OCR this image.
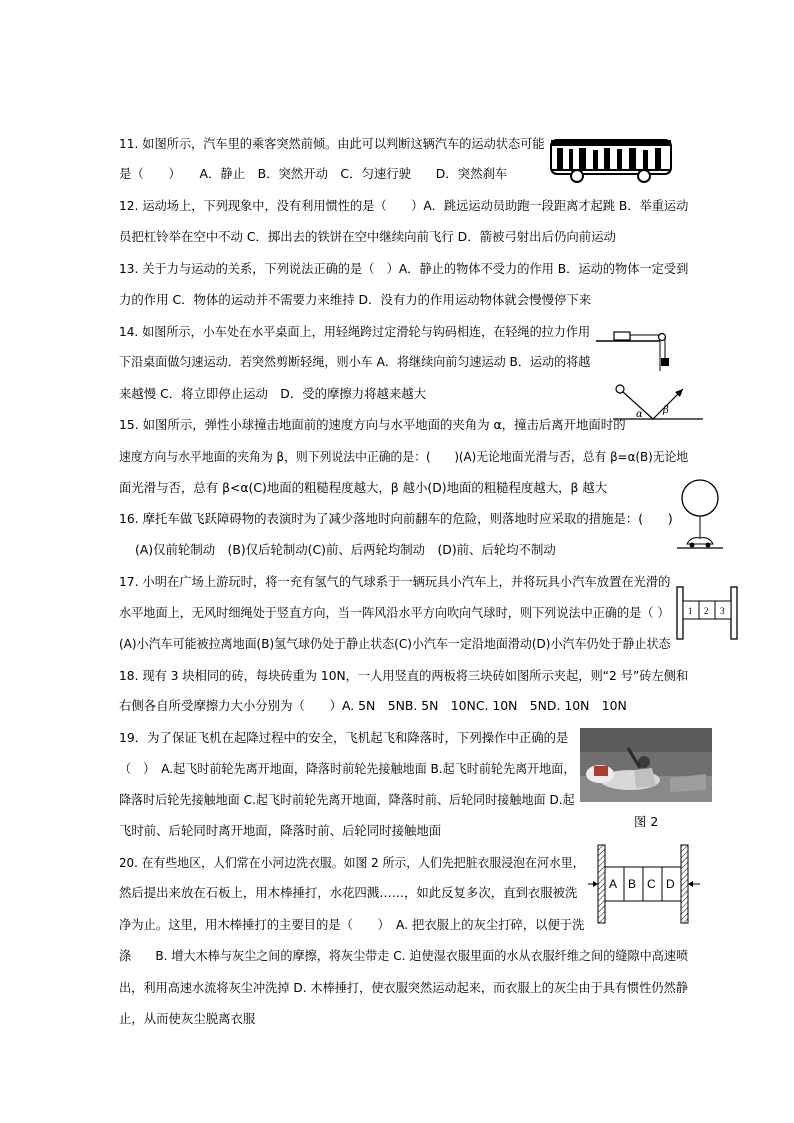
11. 如图所示，汽车里的乘客突然前倾。由此可以判断这辆汽车的运动状态可能
是（　　）　　A．静止　B．突然开动　C．匀速行驶　　D．突然刹车
12. 运动场上，下列现象中，没有利用惯性的是（　　）A．跳远运动员助跑一段距离才起跳 B．举重运动
员把杠铃举在空中不动 C．掷出去的铁饼在空中继续向前飞行 D．箭被弓射出后仍向前运动
13. 关于力与运动的关系，下列说法正确的是（　）A．静止的物体不受力的作用 B．运动的物体一定受到
力的作用 C．物体的运动并不需要力来维持 D．没有力的作用运动物体就会慢慢停下来
14. 如图所示，小车处在水平桌面上，用轻绳跨过定滑轮与钩码相连，在轻绳的拉力作用
下沿桌面做匀速运动．若突然剪断轻绳，则小车 A．将继续向前匀速运动 B．运动的将越
来越慢 C．将立即停止运动　D．受的摩擦力将越来越大
α β
15. 如图所示，弹性小球撞击地面前的速度方向与水平地面的夹角为 α，撞击后离开地面时的
速度方向与水平地面的夹角为 β，则下列说法中正确的是：(　　)(A)无论地面光滑与否，总有 β=α(B)无论地
面光滑与否，总有 β<α(C)地面的粗糙程度越大，β 越小(D)地面的粗糙程度越大，β 越大
16. 摩托车做飞跃障碍物的表演时为了减少落地时向前翻车的危险，则落地时应采取的措施是：(　　)
(A)仅前轮制动　(B)仅后轮制动(C)前、后两轮均制动　(D)前、后轮均不制动
17. 小明在广场上游玩时，将一充有氢气的气球系于一辆玩具小汽车上，并将玩具小汽车放置在光滑的
水平地面上，无风时细绳处于竖直方向，当一阵风沿水平方向吹向气球时，则下列说法中正确的是（ ）
(A)小汽车可能被拉离地面(B)氢气球仍处于静止状态(C)小汽车一定沿地面滑动(D)小汽车仍处于静止状态
1 2 3
18. 现有 3 块相同的砖，每块砖重为 10N，一人用竖直的两板将三块砖如图所示夹起，则“2 号”砖左侧和
右侧各自所受摩擦力大小分别为（　　）A. 5N　5NB. 5N　10NC. 10N　5ND. 10N　10N
19．为了保证飞机在起降过程中的安全，飞机起飞和降落时，下列操作中正确的是
（　）　A.起飞时前轮先离开地面，降落时前轮先接触地面 B.起飞时前轮先离开地面，
降落时后轮先接触地面 C.起飞时前轮先离开地面，降落时前、后轮同时接触地面 D.起
飞时前、后轮同时离开地面，降落时前、后轮同时接触地面
图 2
A B C D
20. 在有些地区，人们常在小河边洗衣服。如图 2 所示，人们先把脏衣服浸泡在河水里，
然后提出来放在石板上，用木棒捶打，水花四溅……，如此反复多次，直到衣服被洗
净为止。这里，用木棒捶打的主要目的是（　　）　A. 把衣服上的灰尘打碎，以便于洗
涤　　B. 增大木棒与灰尘之间的摩擦，将灰尘带走 C. 迫使湿衣服里面的水从衣服纤维之间的缝隙中高速喷
出，利用高速水流将灰尘冲洗掉 D. 木棒捶打，使衣服突然运动起来，而衣服上的灰尘由于具有惯性仍然静
止，从而使灰尘脱离衣服
